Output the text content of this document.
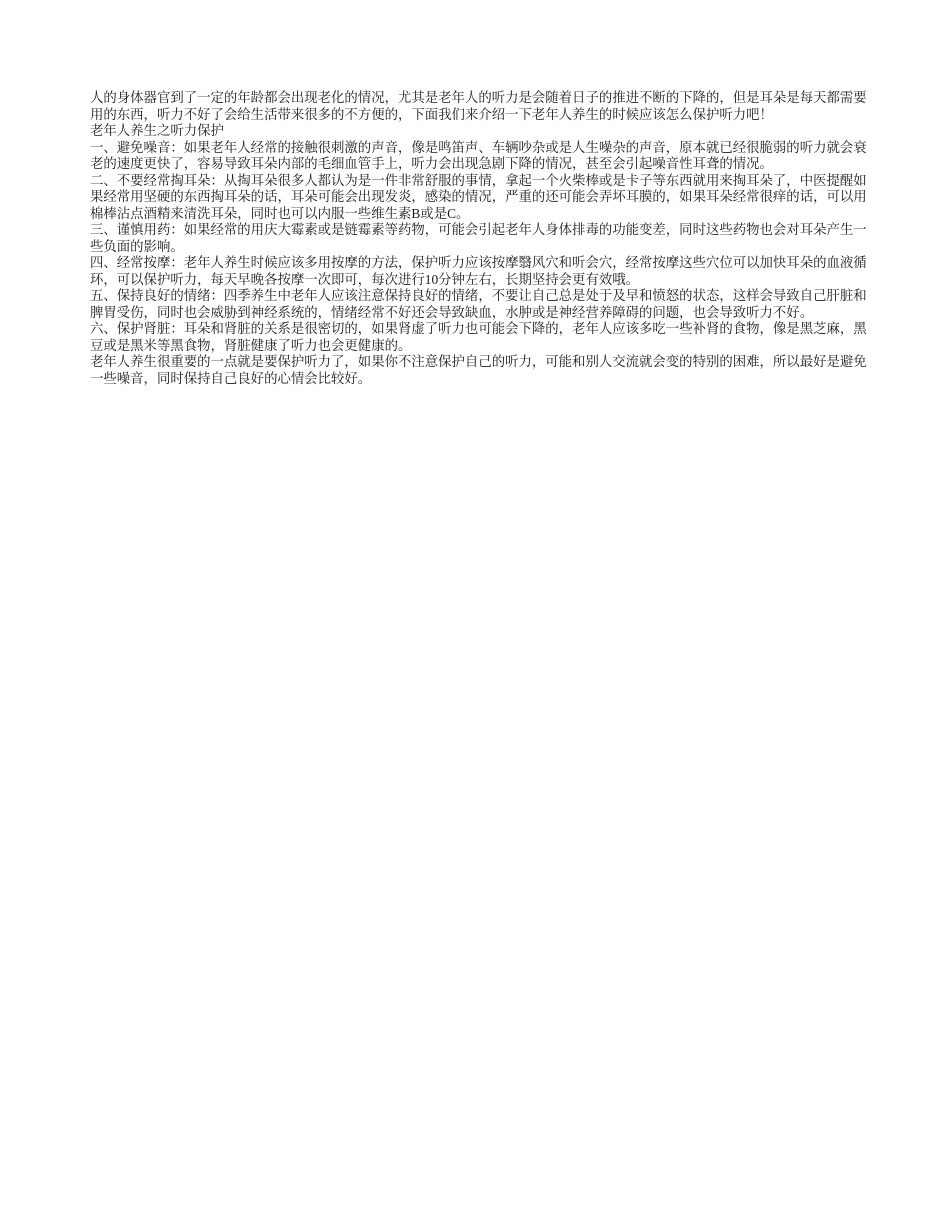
人的身体器官到了一定的年龄都会出现老化的情况，尤其是老年人的听力是会随着日子的推进不断的下降的，但是耳朵是每天都需要用的东西，听力不好了会给生活带来很多的不方便的，下面我们来介绍一下老年人养生的时候应该怎么保护听力吧！

老年人养生之听力保护

一、避免噪音：如果老年人经常的接触很刺激的声音，像是鸣笛声、车辆吵杂或是人生噪杂的声音，原本就已经很脆弱的听力就会衰老的速度更快了，容易导致耳朵内部的毛细血管手上，听力会出现急剧下降的情况，甚至会引起噪音性耳聋的情况。

二、不要经常掏耳朵：从掏耳朵很多人都认为是一件非常舒服的事情，拿起一个火柴棒或是卡子等东西就用来掏耳朵了，中医提醒如果经常用坚硬的东西掏耳朵的话，耳朵可能会出现发炎，感染的情况，严重的还可能会弄坏耳膜的，如果耳朵经常很痒的话，可以用棉棒沾点酒精来清洗耳朵，同时也可以内服一些维生素B或是C。

三、谨慎用药：如果经常的用庆大霉素或是链霉素等药物，可能会引起老年人身体排毒的功能变差，同时这些药物也会对耳朵产生一些负面的影响。

四、经常按摩：老年人养生时候应该多用按摩的方法，保护听力应该按摩翳风穴和听会穴，经常按摩这些穴位可以加快耳朵的血液循环，可以保护听力，每天早晚各按摩一次即可，每次进行10分钟左右，长期坚持会更有效哦。

五、保持良好的情绪：四季养生中老年人应该注意保持良好的情绪，不要让自己总是处于及早和愤怒的状态，这样会导致自己肝脏和脾胃受伤，同时也会威胁到神经系统的，情绪经常不好还会导致缺血，水肿或是神经营养障碍的问题，也会导致听力不好。

六、保护肾脏：耳朵和肾脏的关系是很密切的，如果肾虚了听力也可能会下降的，老年人应该多吃一些补肾的食物，像是黑芝麻，黑豆或是黑米等黑食物，肾脏健康了听力也会更健康的。

老年人养生很重要的一点就是要保护听力了，如果你不注意保护自己的听力，可能和别人交流就会变的特别的困难，所以最好是避免一些噪音，同时保持自己良好的心情会比较好。
